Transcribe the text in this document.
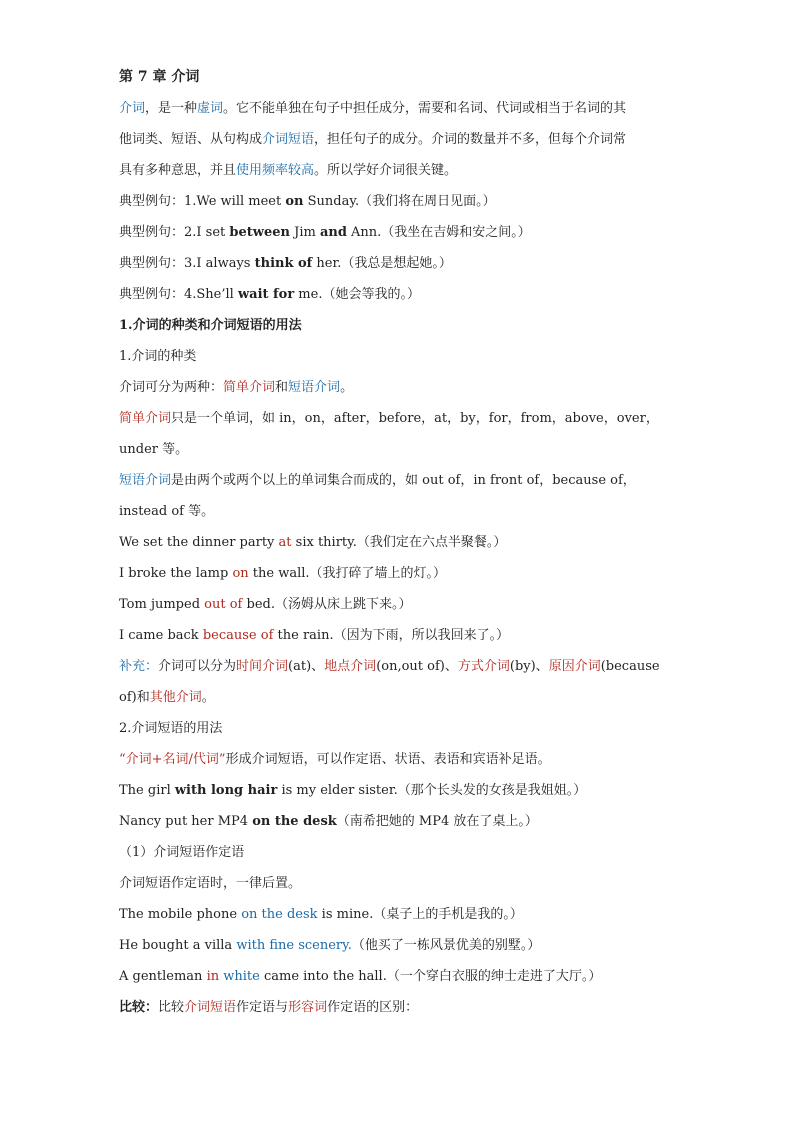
第 7 章 介词
介词，是一种虚词。它不能单独在句子中担任成分，需要和名词、代词或相当于名词的其
他词类、短语、从句构成介词短语，担任句子的成分。介词的数量并不多，但每个介词常
具有多种意思，并且使用频率较高。所以学好介词很关键。
典型例句：1.We will meet on Sunday.（我们将在周日见面。）
典型例句：2.I set between Jim and Ann.（我坐在吉姆和安之间。）
典型例句：3.I always think of her.（我总是想起她。）
典型例句：4.She’ll wait for me.（她会等我的。）
1.介词的种类和介词短语的用法
1.介词的种类
介词可分为两种：简单介词和短语介词。
简单介词只是一个单词，如 in，on，after，before，at，by，for，from，above，over，
under 等。
短语介词是由两个或两个以上的单词集合而成的，如 out of，in front of，because of，
instead of 等。
We set the dinner party at six thirty.（我们定在六点半聚餐。）
I broke the lamp on the wall.（我打碎了墙上的灯。）
Tom jumped out of bed.（汤姆从床上跳下来。）
I came back because of the rain.（因为下雨，所以我回来了。）
补充：介词可以分为时间介词(at)、地点介词(on,out of)、方式介词(by)、原因介词(because
of)和其他介词。
2.介词短语的用法
“介词+名词/代词”形成介词短语，可以作定语、状语、表语和宾语补足语。
The girl with long hair is my elder sister.（那个长头发的女孩是我姐姐。）
Nancy put her MP4 on the desk（南希把她的 MP4 放在了桌上。）
（1）介词短语作定语
介词短语作定语时，一律后置。
The mobile phone on the desk is mine.（桌子上的手机是我的。）
He bought a villa with fine scenery.（他买了一栋风景优美的别墅。）
A gentleman in white came into the hall.（一个穿白衣服的绅士走进了大厅。）
比较：比较介词短语作定语与形容词作定语的区别：
